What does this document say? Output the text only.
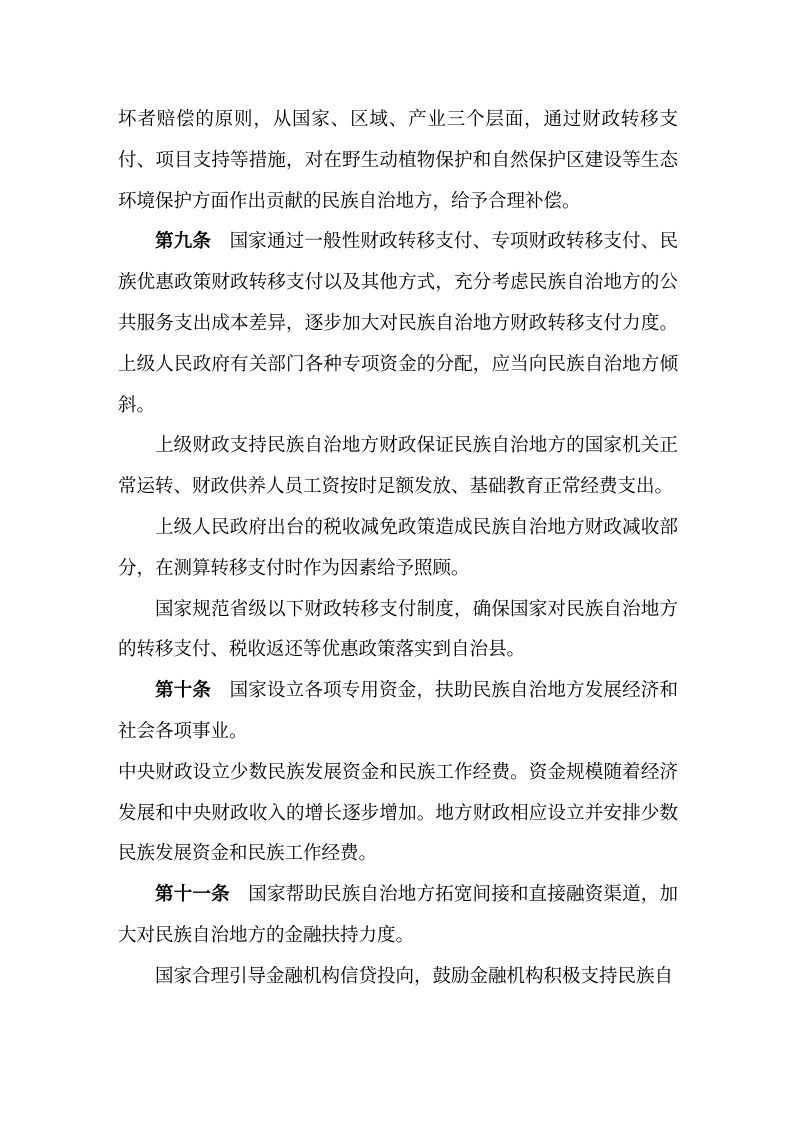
坏者赔偿的原则，从国家、区域、产业三个层面，通过财政转移支付、项目支持等措施，对在野生动植物保护和自然保护区建设等生态环境保护方面作出贡献的民族自治地方，给予合理补偿。

第九条 国家通过一般性财政转移支付、专项财政转移支付、民族优惠政策财政转移支付以及其他方式，充分考虑民族自治地方的公共服务支出成本差异，逐步加大对民族自治地方财政转移支付力度。上级人民政府有关部门各种专项资金的分配，应当向民族自治地方倾斜。

上级财政支持民族自治地方财政保证民族自治地方的国家机关正常运转、财政供养人员工资按时足额发放、基础教育正常经费支出。

上级人民政府出台的税收减免政策造成民族自治地方财政减收部分，在测算转移支付时作为因素给予照顾。

国家规范省级以下财政转移支付制度，确保国家对民族自治地方的转移支付、税收返还等优惠政策落实到自治县。

第十条 国家设立各项专用资金，扶助民族自治地方发展经济和社会各项事业。

中央财政设立少数民族发展资金和民族工作经费。资金规模随着经济发展和中央财政收入的增长逐步增加。地方财政相应设立并安排少数民族发展资金和民族工作经费。

第十一条 国家帮助民族自治地方拓宽间接和直接融资渠道，加大对民族自治地方的金融扶持力度。

国家合理引导金融机构信贷投向，鼓励金融机构积极支持民族自
